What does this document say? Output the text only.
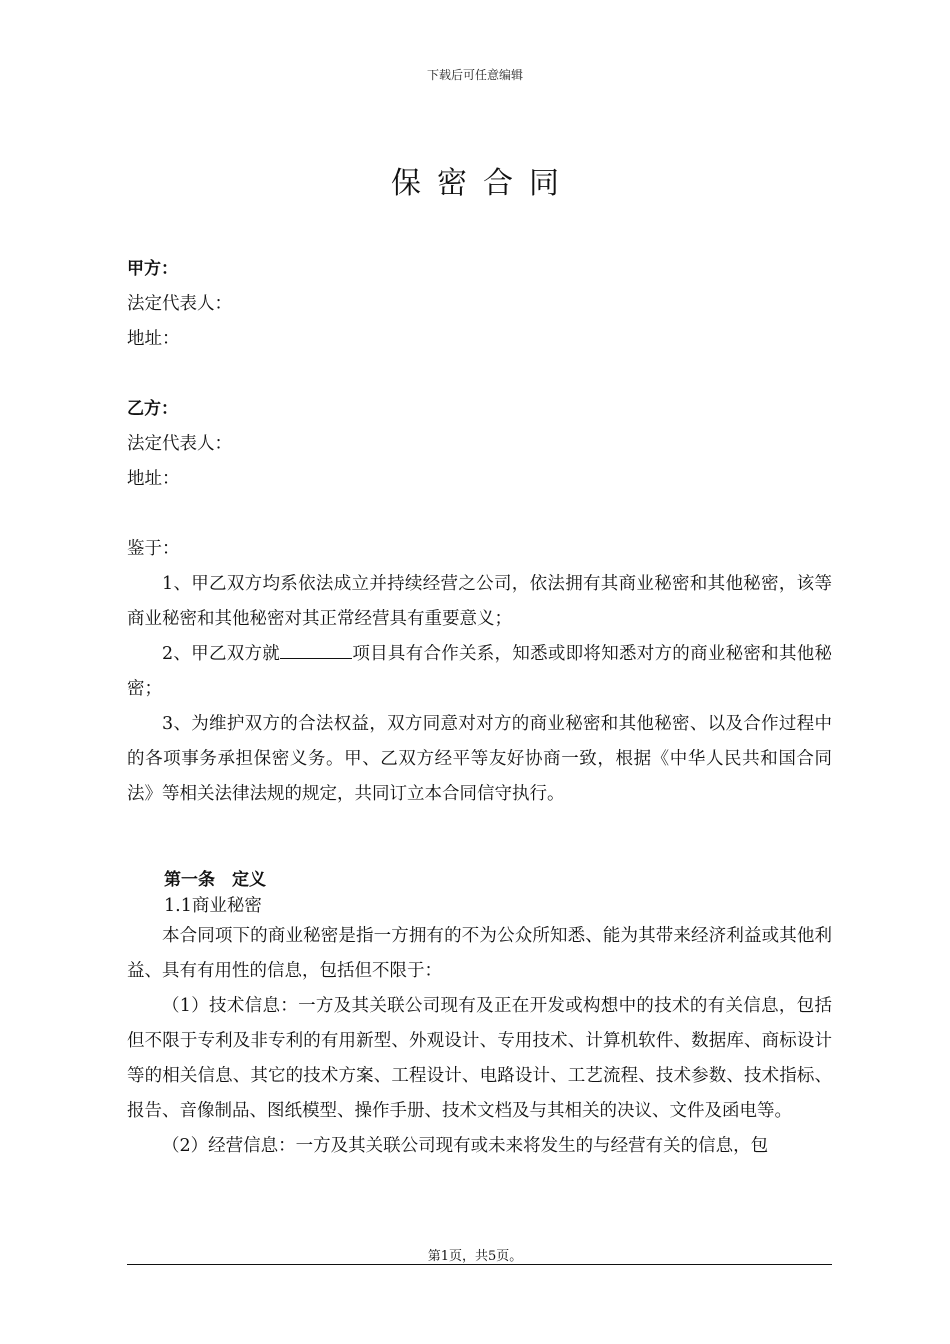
下载后可任意编辑
保密合同
甲方：
法定代表人：
地址：
乙方：
法定代表人：
地址：
鉴于：
1、甲乙双方均系依法成立并持续经营之公司，依法拥有其商业秘密和其他秘密，该等商业秘密和其他秘密对其正常经营具有重要意义；
2、甲乙双方就	项目具有合作关系，知悉或即将知悉对方的商业秘密和其他秘密；
3、为维护双方的合法权益，双方同意对对方的商业秘密和其他秘密、以及合作过程中的各项事务承担保密义务。甲、乙双方经平等友好协商一致，根据《中华人民共和国合同法》等相关法律法规的规定，共同订立本合同信守执行。
第一条　定义
1.1商业秘密
本合同项下的商业秘密是指一方拥有的不为公众所知悉、能为其带来经济利益或其他利益、具有有用性的信息，包括但不限于：
（1）技术信息：一方及其关联公司现有及正在开发或构想中的技术的有关信息，包括但不限于专利及非专利的有用新型、外观设计、专用技术、计算机软件、数据库、商标设计等的相关信息、其它的技术方案、工程设计、电路设计、工艺流程、技术参数、技术指标、报告、音像制品、图纸模型、操作手册、技术文档及与其相关的决议、文件及函电等。
（2）经营信息：一方及其关联公司现有或未来将发生的与经营有关的信息，包
第1页，共5页。
